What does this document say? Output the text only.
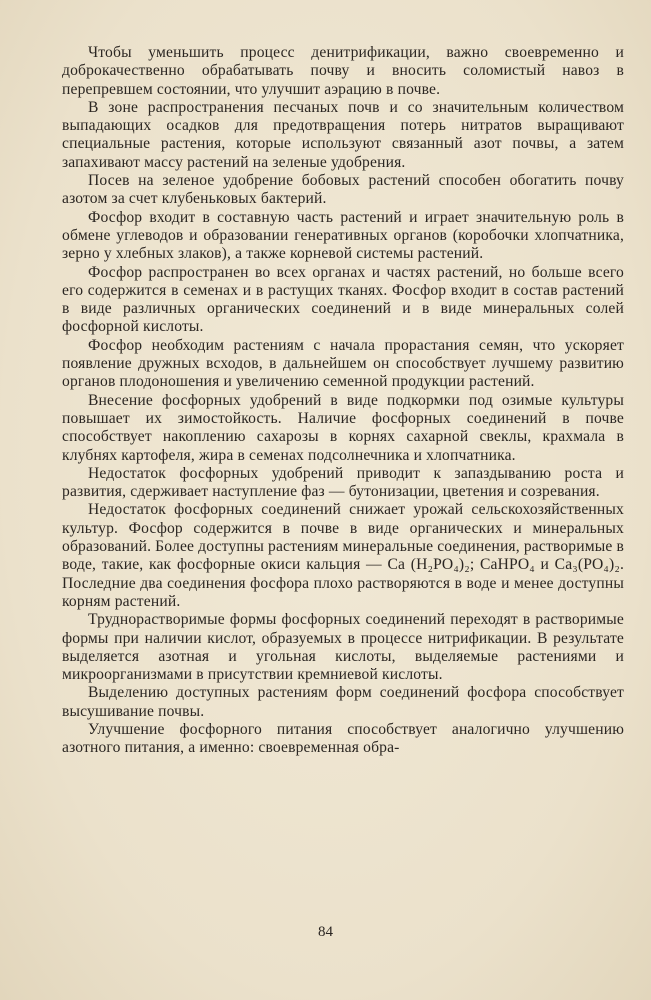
Чтобы уменьшить процесс денитрификации, важно своевременно и доброкачественно обрабатывать почву и вносить соломистый навоз в перепревшем состоянии, что улучшит аэрацию в почве.

В зоне распространения песчаных почв и со значительным количеством выпадающих осадков для предотвращения потерь нитратов выращивают специальные растения, которые используют связанный азот почвы, а затем запахивают массу растений на зеленые удобрения.

Посев на зеленое удобрение бобовых растений способен обогатить почву азотом за счет клубеньковых бактерий.

Фосфор входит в составную часть растений и играет значительную роль в обмене углеводов и образовании генеративных органов (коробочки хлопчатника, зерно у хлебных злаков), а также корневой системы растений.

Фосфор распространен во всех органах и частях растений, но больше всего его содержится в семенах и в растущих тканях. Фосфор входит в состав растений в виде различных органических соединений и в виде минеральных солей фосфорной кислоты.

Фосфор необходим растениям с начала прорастания семян, что ускоряет появление дружных всходов, в дальнейшем он способствует лучшему развитию органов плодоношения и увеличению семенной продукции растений.

Внесение фосфорных удобрений в виде подкормки под озимые культуры повышает их зимостойкость. Наличие фосфорных соединений в почве способствует накоплению сахарозы в корнях сахарной свеклы, крахмала в клубнях картофеля, жира в семенах подсолнечника и хлопчатника.

Недостаток фосфорных удобрений приводит к запаздыванию роста и развития, сдерживает наступление фаз — бутонизации, цветения и созревания.

Недостаток фосфорных соединений снижает урожай сельскохозяйственных культур. Фосфор содержится в почве в виде органических и минеральных образований. Более доступны растениям минеральные соединения, растворимые в воде, такие, как фосфорные окиси кальция — Ca (H₂PO₄)₂; CaHPO₄ и Ca₃(PO₄)₂. Последние два соединения фосфора плохо растворяются в воде и менее доступны корням растений.

Труднорастворимые формы фосфорных соединений переходят в растворимые формы при наличии кислот, образуемых в процессе нитрификации. В результате выделяется азотная и угольная кислоты, выделяемые растениями и микроорганизмами в присутствии кремниевой кислоты.

Выделению доступных растениям форм соединений фосфора способствует высушивание почвы.

Улучшение фосфорного питания способствует аналогично улучшению азотного питания, а именно: своевременная обра-

84
